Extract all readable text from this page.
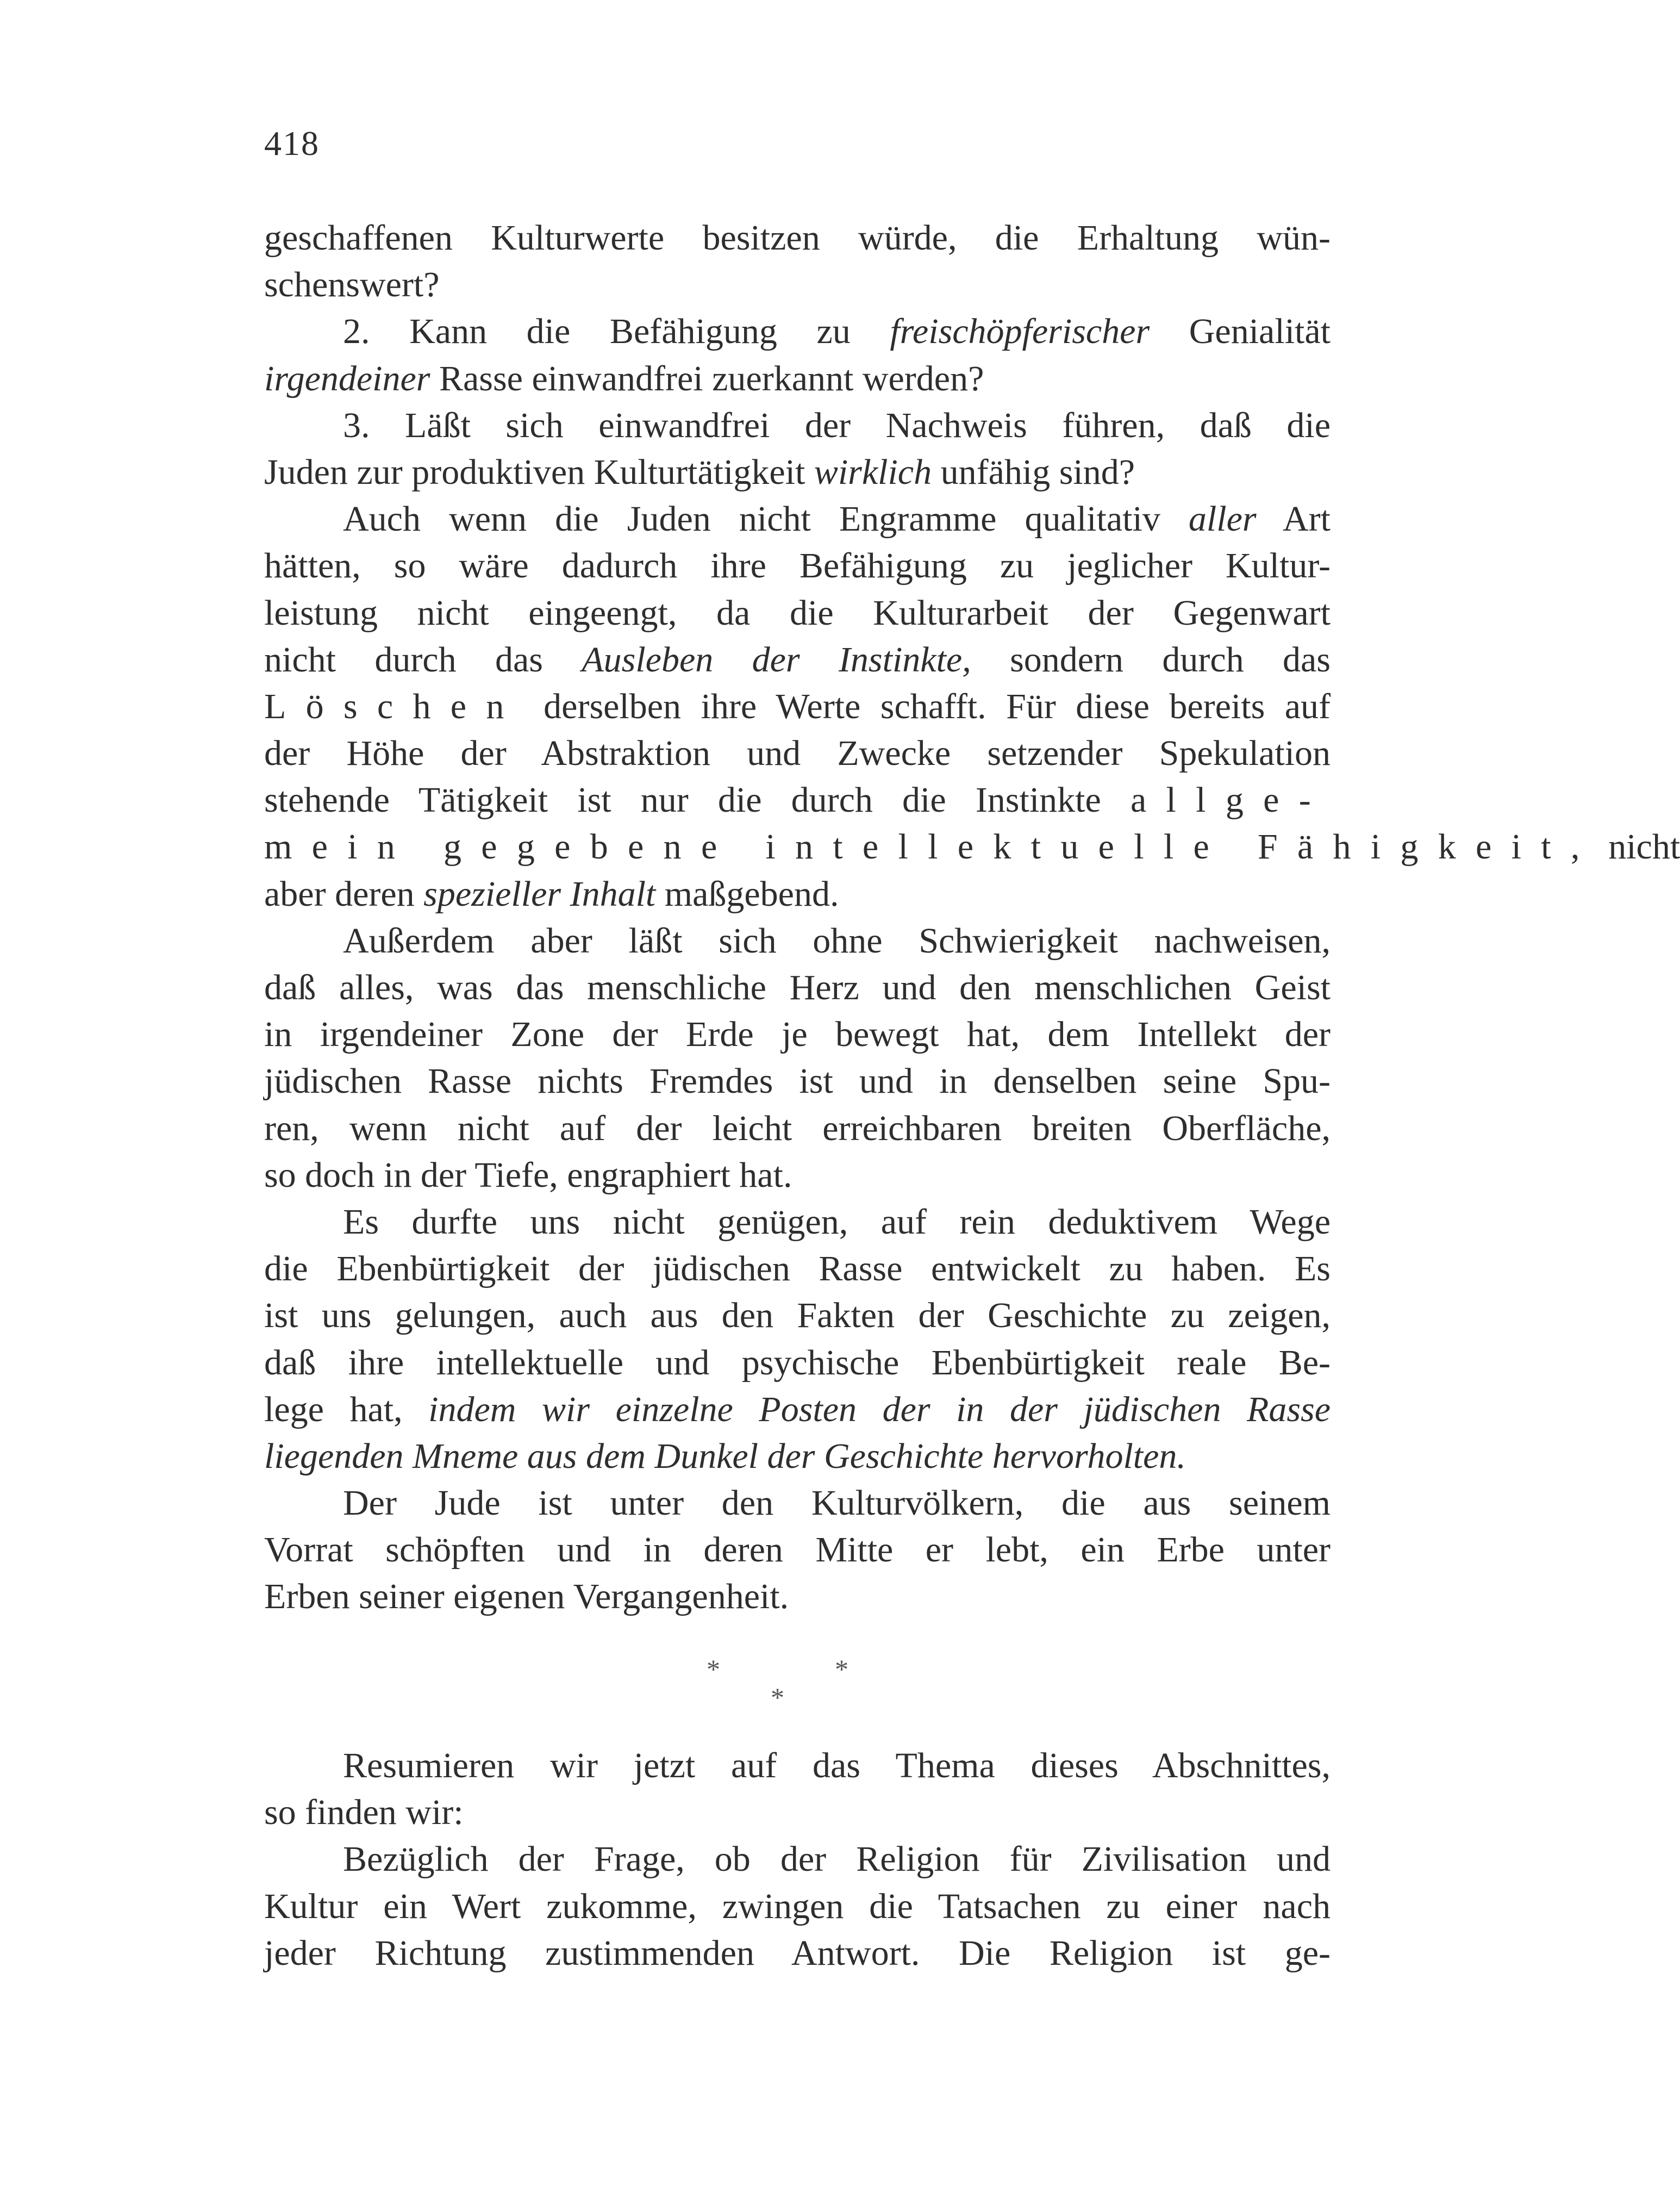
418
geschaffenen Kulturwerte besitzen würde, die Erhaltung wün-
schenswert?
2. Kann die Befähigung zu freischöpferischer Genialität
irgendeiner Rasse einwandfrei zuerkannt werden?
3. Läßt sich einwandfrei der Nachweis führen, daß die
Juden zur produktiven Kulturtätigkeit wirklich unfähig sind?
Auch wenn die Juden nicht Engramme qualitativ aller Art
hätten, so wäre dadurch ihre Befähigung zu jeglicher Kultur-
leistung nicht eingeengt, da die Kulturarbeit der Gegenwart
nicht durch das Ausleben der Instinkte, sondern durch das
Löschen derselben ihre Werte schafft. Für diese bereits auf
der Höhe der Abstraktion und Zwecke setzender Spekulation
stehende Tätigkeit ist nur die durch die Instinkte allge-
mein gegebene intellektuelle Fähigkeit, nicht
aber deren spezieller Inhalt maßgebend.
Außerdem aber läßt sich ohne Schwierigkeit nachweisen,
daß alles, was das menschliche Herz und den menschlichen Geist
in irgendeiner Zone der Erde je bewegt hat, dem Intellekt der
jüdischen Rasse nichts Fremdes ist und in denselben seine Spu-
ren, wenn nicht auf der leicht erreichbaren breiten Oberfläche,
so doch in der Tiefe, engraphiert hat.
Es durfte uns nicht genügen, auf rein deduktivem Wege
die Ebenbürtigkeit der jüdischen Rasse entwickelt zu haben. Es
ist uns gelungen, auch aus den Fakten der Geschichte zu zeigen,
daß ihre intellektuelle und psychische Ebenbürtigkeit reale Be-
lege hat, indem wir einzelne Posten der in der jüdischen Rasse
liegenden Mneme aus dem Dunkel der Geschichte hervorholten.
Der Jude ist unter den Kulturvölkern, die aus seinem
Vorrat schöpften und in deren Mitte er lebt, ein Erbe unter
Erben seiner eigenen Vergangenheit.
*	*
*
Resumieren wir jetzt auf das Thema dieses Abschnittes,
so finden wir:
Bezüglich der Frage, ob der Religion für Zivilisation und
Kultur ein Wert zukomme, zwingen die Tatsachen zu einer nach
jeder Richtung zustimmenden Antwort. Die Religion ist ge-
